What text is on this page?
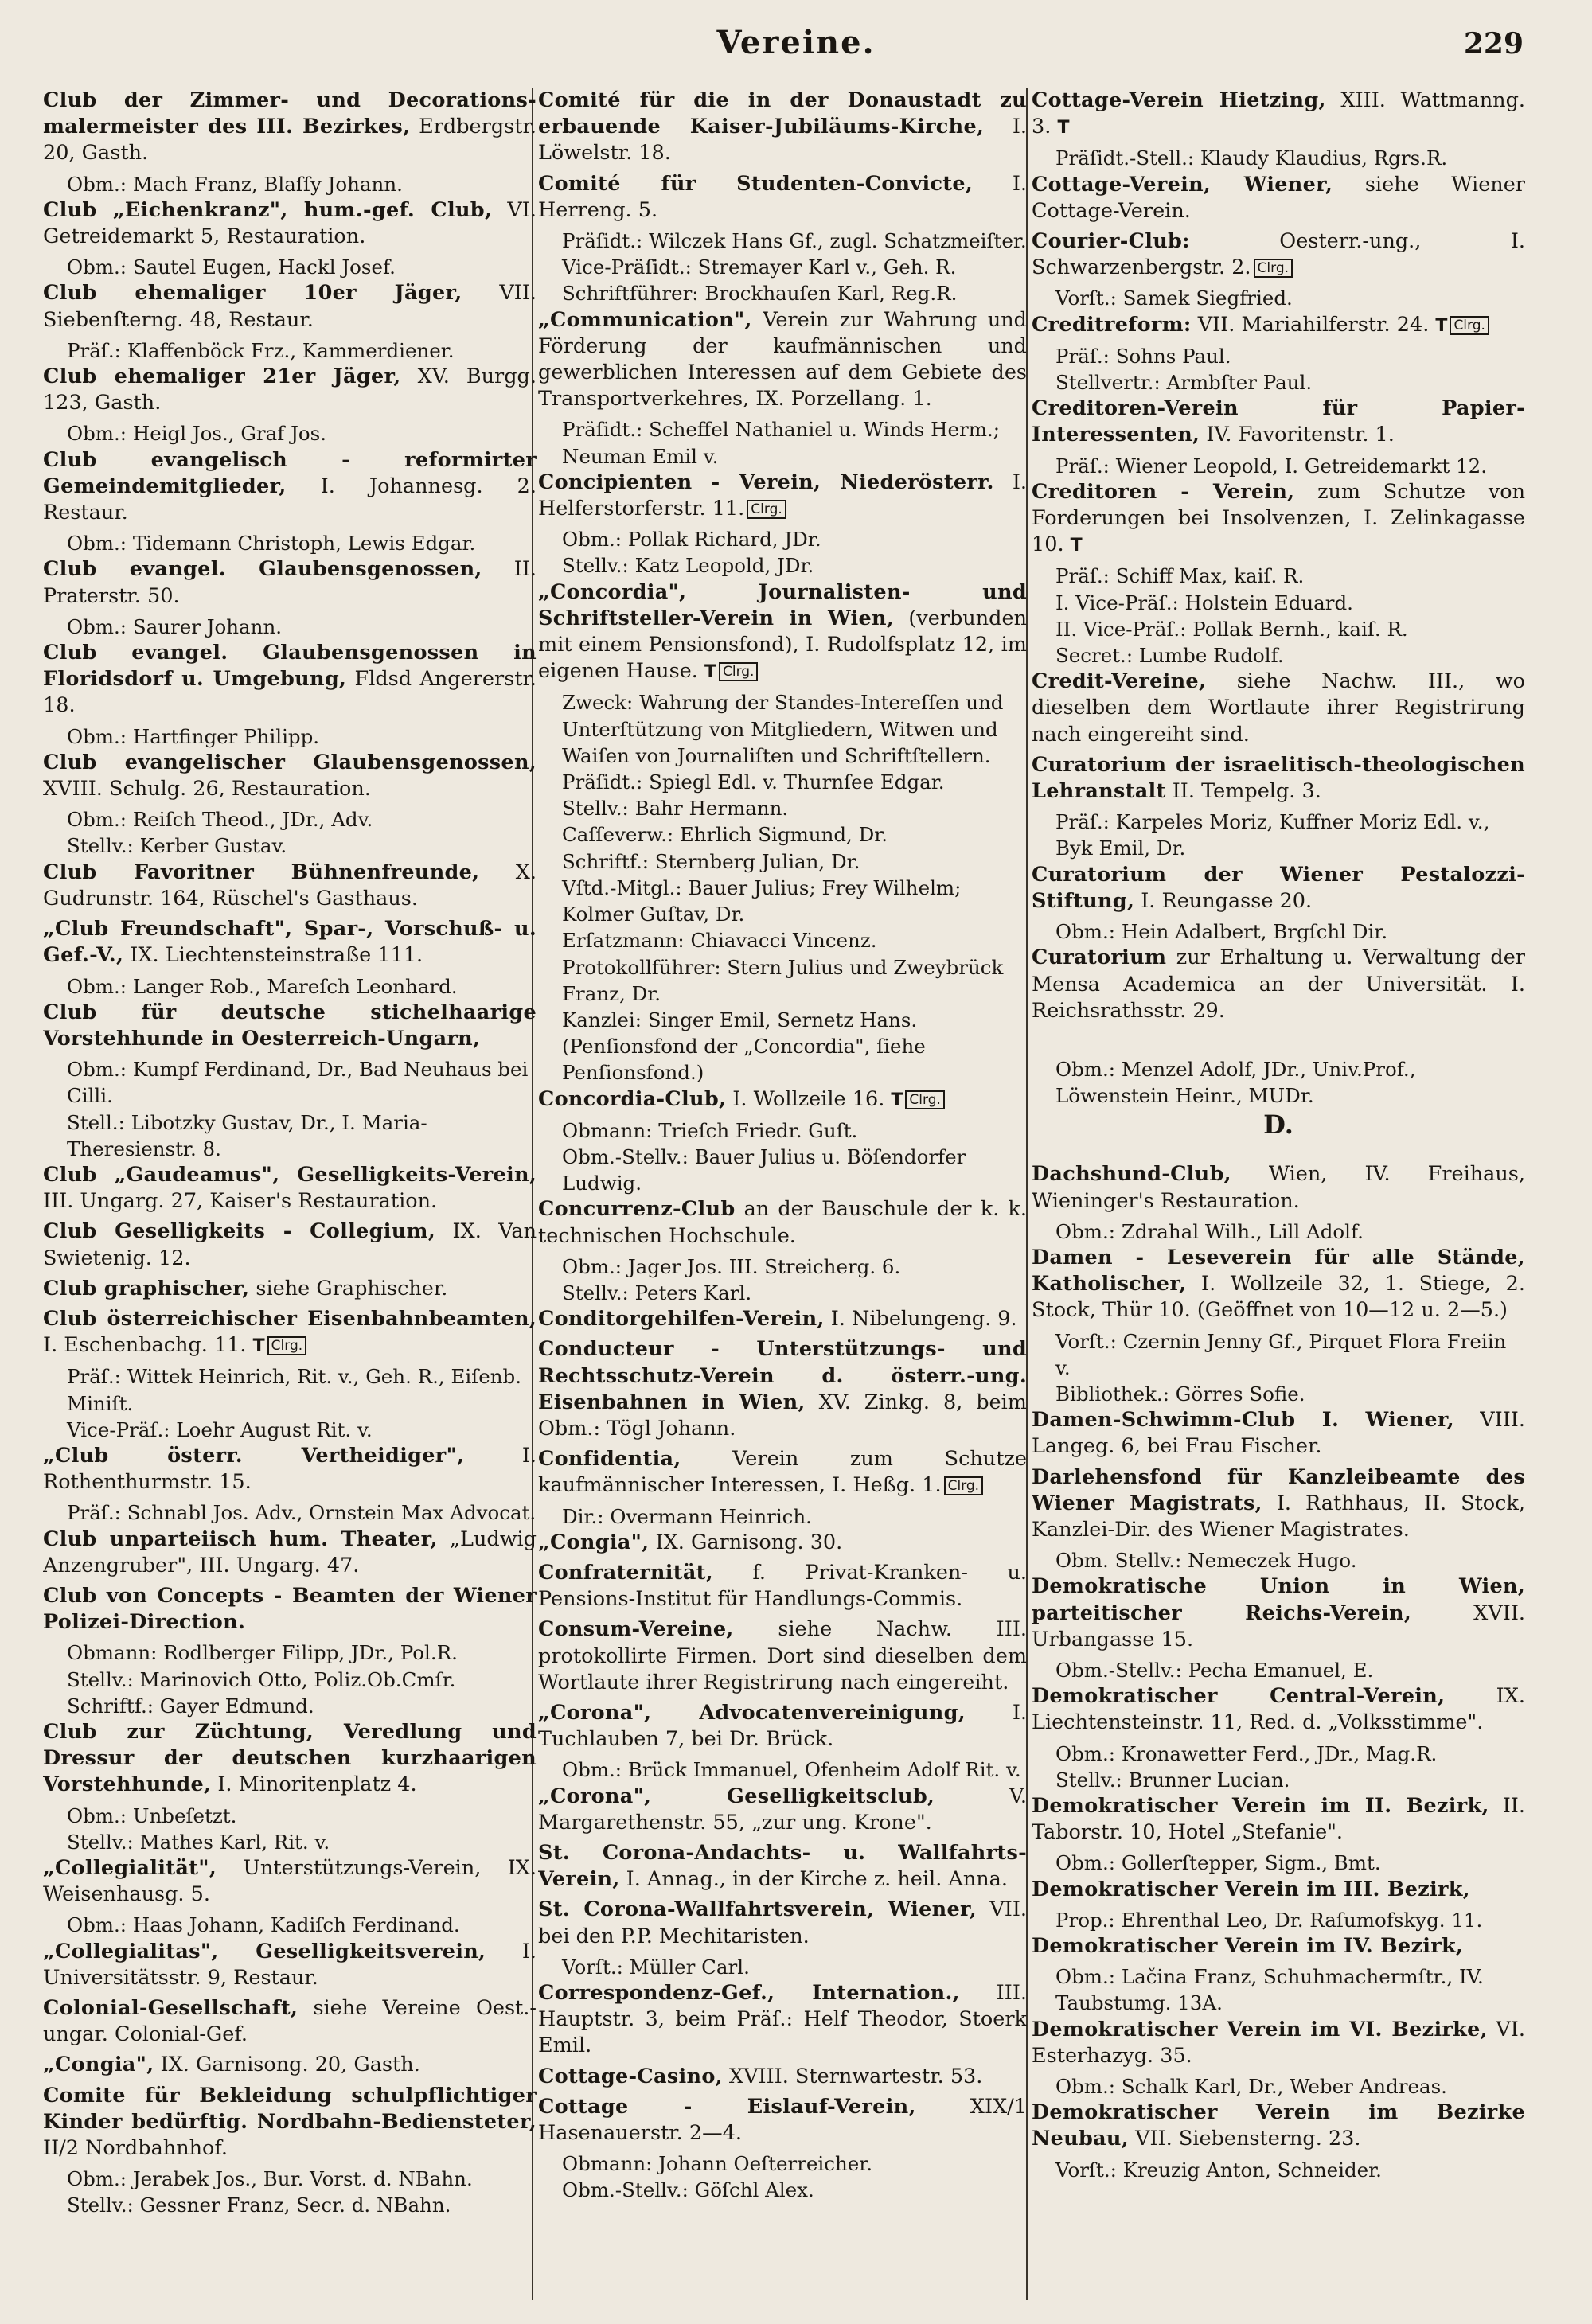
Vereine.	229
Club der Zimmer- und Decorations-malermeister des III. Bezirkes, Erdbergstr. 20, Gasth.
Obm.: Mach Franz, Blaſſy Johann.
Club „Eichenkranz", hum.-gef. Club, VI. Getreidemarkt 5, Restauration.
Obm.: Sautel Eugen, Hackl Josef.
Club ehemaliger 10er Jäger, VII. Siebenſterng. 48, Restaur.
Präſ.: Klaffenböck Frz., Kammerdiener.
Club ehemaliger 21er Jäger, XV. Burgg. 123, Gasth.
Obm.: Heigl Jos., Graf Jos.
Club evangelisch - reformirter Gemeindemitglieder, I. Johannesg. 2. Restaur.
Obm.: Tidemann Christoph, Lewis Edgar.
Club evangel. Glaubensgenossen, II. Praterstr. 50.
Obm.: Saurer Johann.
Club evangel. Glaubensgenossen in Floridsdorf u. Umgebung, Fldsd Angererstr. 18.
Obm.: Hartfinger Philipp.
Club evangelischer Glaubensgenossen, XVIII. Schulg. 26, Restauration.
Obm.: Reiſch Theod., JDr., Adv.
Stellv.: Kerber Gustav.
Club Favoritner Bühnenfreunde, X. Gudrunstr. 164, Rüschel's Gasthaus.
„Club Freundschaft", Spar-, Vorschuß- u. Gef.-V., IX. Liechtensteinstraße 111.
Obm.: Langer Rob., Mareſch Leonhard.
Club für deutsche stichelhaarige Vorstehhunde in Oesterreich-Ungarn,
Obm.: Kumpf Ferdinand, Dr., Bad Neuhaus bei Cilli.
Stell.: Libotzky Gustav, Dr., I. Maria-Theresienstr. 8.
Club „Gaudeamus", Geselligkeits-Verein, III. Ungarg. 27, Kaiser's Restauration.
Club Geselligkeits - Collegium, IX. Van Swietenig. 12.
Club graphischer, siehe Graphischer.
Club österreichischer Eisenbahnbeamten, I. Eschenbachg. 11. T Clrg.
Präſ.: Wittek Heinrich, Rit. v., Geh. R., Eiſenb. Miniſt.
Vice-Präſ.: Loehr August Rit. v.
„Club österr. Vertheidiger",	I. Rothenthurmstr. 15.
Präſ.: Schnabl Jos. Adv., Ornstein Max Advocat.
Club unparteiisch hum. Theater, „Ludwig Anzengruber", III. Ungarg. 47.
Club von Concepts - Beamten der Wiener Polizei-Direction.
Obmann: Rodlberger Filipp, JDr., Pol.R.
Stellv.: Marinovich Otto, Poliz.Ob.Cmſr.
Schriftf.: Gayer Edmund.
Club zur Züchtung, Veredlung und Dressur der deutschen kurzhaarigen Vorstehhunde, I. Minoritenplatz 4.
Obm.: Unbeſetzt.
Stellv.: Mathes Karl, Rit. v.
„Collegialität", Unterstützungs-Verein, IX. Weisenhausg. 5.
Obm.: Haas Johann, Kadiſch Ferdinand.
„Collegialitas", Geselligkeitsverein, I. Universitätsstr. 9, Restaur.
Colonial-Gesellschaft, siehe Vereine Oest.-ungar. Colonial-Gef.
„Congia", IX. Garnisong. 20, Gasth.
Comite für Bekleidung schulpflichtiger Kinder bedürftig. Nordbahn-Bediensteter, II/2 Nordbahnhof.
Obm.: Jerabek Jos., Bur. Vorst. d. NBahn.
Stellv.: Gessner Franz, Secr. d. NBahn.
Comité für die in der Donaustadt zu erbauende Kaiser-Jubiläums-Kirche, I. Löwelstr. 18.
Comité für Studenten-Convicte, I. Herreng. 5.
Präſidt.: Wilczek Hans Gf., zugl. Schatzmeiſter.
Vice-Präſidt.: Stremayer Karl v., Geh. R.
Schriftführer: Brockhauſen Karl, Reg.R.
„Communication", Verein zur Wahrung und Förderung der kaufmännischen und gewerblichen Interessen auf dem Gebiete des Transportverkehres, IX. Porzellang. 1.
Präſidt.: Scheffel Nathaniel u. Winds Herm.; Neuman Emil v.
Concipienten - Verein, Niederösterr. I. Helferstorferstr. 11. Clrg.
Obm.: Pollak Richard, JDr.
Stellv.: Katz Leopold, JDr.
„Concordia", Journalisten- und Schriftsteller-Verein in Wien, (verbunden mit einem Pensionsfond), I. Rudolfsplatz 12, im eigenen Hause. T Clrg.
Zweck: Wahrung der Standes-Intereſſen und Unterſtützung von Mitgliedern, Witwen und Waiſen von Journaliſten und Schriftſtellern.
Präſidt.: Spiegl Edl. v. Thurnſee Edgar.
Stellv.: Bahr Hermann.
Caſſeverw.: Ehrlich Sigmund, Dr.
Schriftf.: Sternberg Julian, Dr.
Vſtd.-Mitgl.: Bauer Julius; Frey Wilhelm; Kolmer Guſtav, Dr.
Erſatzmann: Chiavacci Vincenz.
Protokollführer: Stern Julius und Zweybrück Franz, Dr.
Kanzlei: Singer Emil, Sernetz Hans. (Penſionsfond der „Concordia", ſiehe Penſionsfond.)
Concordia-Club, I. Wollzeile 16. T Clrg.
Obmann: Trieſch Friedr. Guſt.
Obm.-Stellv.: Bauer Julius u. Böſendorfer Ludwig.
Concurrenz-Club an der Bauschule der k. k. technischen Hochschule.
Obm.: Jager Jos. III. Streicherg. 6.
Stellv.: Peters Karl.
Conditorgehilfen-Verein, I. Nibelungeng. 9.
Conducteur - Unterstützungs- und Rechtsschutz-Verein d. österr.-ung. Eisenbahnen in Wien, XV. Zinkg. 8, beim Obm.: Tögl Johann.
Confidentia,	Verein zum Schutze kaufmännischer Interessen, I. Heßg. 1. Clrg.
Dir.: Overmann Heinrich.
„Congia", IX. Garnisong. 30.
Confraternität, f. Privat-Kranken- u. Pensions-Institut für Handlungs-Commis.
Consum-Vereine, siehe Nachw. III. protokollirte Firmen. Dort sind dieselben dem Wortlaute ihrer Registrirung nach eingereiht.
„Corona", Advocatenvereinigung, I. Tuchlauben 7, bei Dr. Brück.
Obm.: Brück Immanuel, Ofenheim Adolf Rit. v.
„Corona", Geselligkeitsclub,	V. Margarethenstr. 55, „zur ung. Krone".
St. Corona-Andachts- u. Wallfahrts-Verein, I. Annag., in der Kirche z. heil. Anna.
St. Corona-Wallfahrtsverein, Wiener, VII. bei den P.P. Mechitaristen.
Vorſt.: Müller Carl.
Correspondenz-Gef., Internation., III. Hauptstr. 3, beim Präſ.: Helf Theodor, Stoerk Emil.
Cottage-Casino, XVIII. Sternwartestr. 53.
Cottage - Eislauf-Verein,	XIX/1 Hasenauerstr. 2—4.
Obmann: Johann Oeſterreicher.
Obm.-Stellv.: Göſchl Alex.
Cottage-Verein Hietzing, XIII. Wattmanng. 3. T
Präſidt.-Stell.: Klaudy Klaudius, Rgrs.R.
Cottage-Verein, Wiener, siehe Wiener Cottage-Verein.
Courier-Club:	Oesterr.-ung., I. Schwarzenbergstr. 2. Clrg.
Vorſt.: Samek Siegfried.
Creditreform: VII. Mariahilferstr. 24. T Clrg.
Präſ.: Sohns Paul.
Stellvertr.: Armbſter Paul.
Creditoren-Verein für Papier-Interessenten, IV. Favoritenstr. 1.
Präſ.: Wiener Leopold, I. Getreidemarkt 12.
Creditoren - Verein, zum Schutze von Forderungen bei Insolvenzen, I. Zelinkagasse 10. T
Präſ.: Schiff Max, kaiſ. R.
I. Vice-Präſ.: Holstein Eduard.
II. Vice-Präſ.: Pollak Bernh., kaiſ. R.
Secret.: Lumbe Rudolf.
Credit-Vereine, siehe Nachw. III., wo dieselben dem Wortlaute ihrer Registrirung nach eingereiht sind.
Curatorium der israelitisch-theologischen Lehranstalt II. Tempelg. 3.
Präſ.: Karpeles Moriz, Kuffner Moriz Edl. v., Byk Emil, Dr.
Curatorium der Wiener Pestalozzi-Stiftung, I. Reungasse 20.
Obm.: Hein Adalbert, Brgſchl Dir.
Curatorium zur Erhaltung u. Verwaltung der Mensa Academica an der Universität. I. Reichsrathsstr. 29.
Obm.: Menzel Adolf, JDr., Univ.Prof., Löwenstein Heinr., MUDr.
D.
Dachshund-Club, Wien, IV. Freihaus, Wieninger's Restauration.
Obm.: Zdrahal Wilh., Lill Adolf.
Damen - Leseverein für alle Stände, Katholischer, I. Wollzeile 32, 1. Stiege, 2. Stock, Thür 10. (Geöffnet von 10—12 u. 2—5.)
Vorſt.: Czernin Jenny Gf., Pirquet Flora Freiin v.
Bibliothek.: Görres Sofie.
Damen-Schwimm-Club I. Wiener, VIII. Langeg. 6, bei Frau Fischer.
Darlehensfond für Kanzleibeamte des Wiener Magistrats, I. Rathhaus, II. Stock, Kanzlei-Dir. des Wiener Magistrates.
Obm. Stellv.: Nemeczek Hugo.
Demokratische Union in Wien, parteitischer Reichs-Verein,	XVII. Urbangasse 15.
Obm.-Stellv.: Pecha Emanuel, E.
Demokratischer Central-Verein,	IX. Liechtensteinstr. 11, Red. d. „Volksstimme".
Obm.: Kronawetter Ferd., JDr., Mag.R.
Stellv.: Brunner Lucian.
Demokratischer Verein im II. Bezirk, II. Taborstr. 10, Hotel „Stefanie".
Obm.: Gollerſtepper, Sigm., Bmt.
Demokratischer Verein im III. Bezirk,
Prop.: Ehrenthal Leo, Dr. Raſumofskyg. 11.
Demokratischer Verein im IV. Bezirk,
Obm.: Lačina Franz, Schuhmachermſtr., IV. Taubstumg. 13A.
Demokratischer Verein im VI. Bezirke, VI. Esterhazyg. 35.
Obm.: Schalk Karl, Dr., Weber Andreas.
Demokratischer Verein im Bezirke Neubau, VII. Siebensterng. 23.
Vorſt.: Kreuzig Anton, Schneider.
